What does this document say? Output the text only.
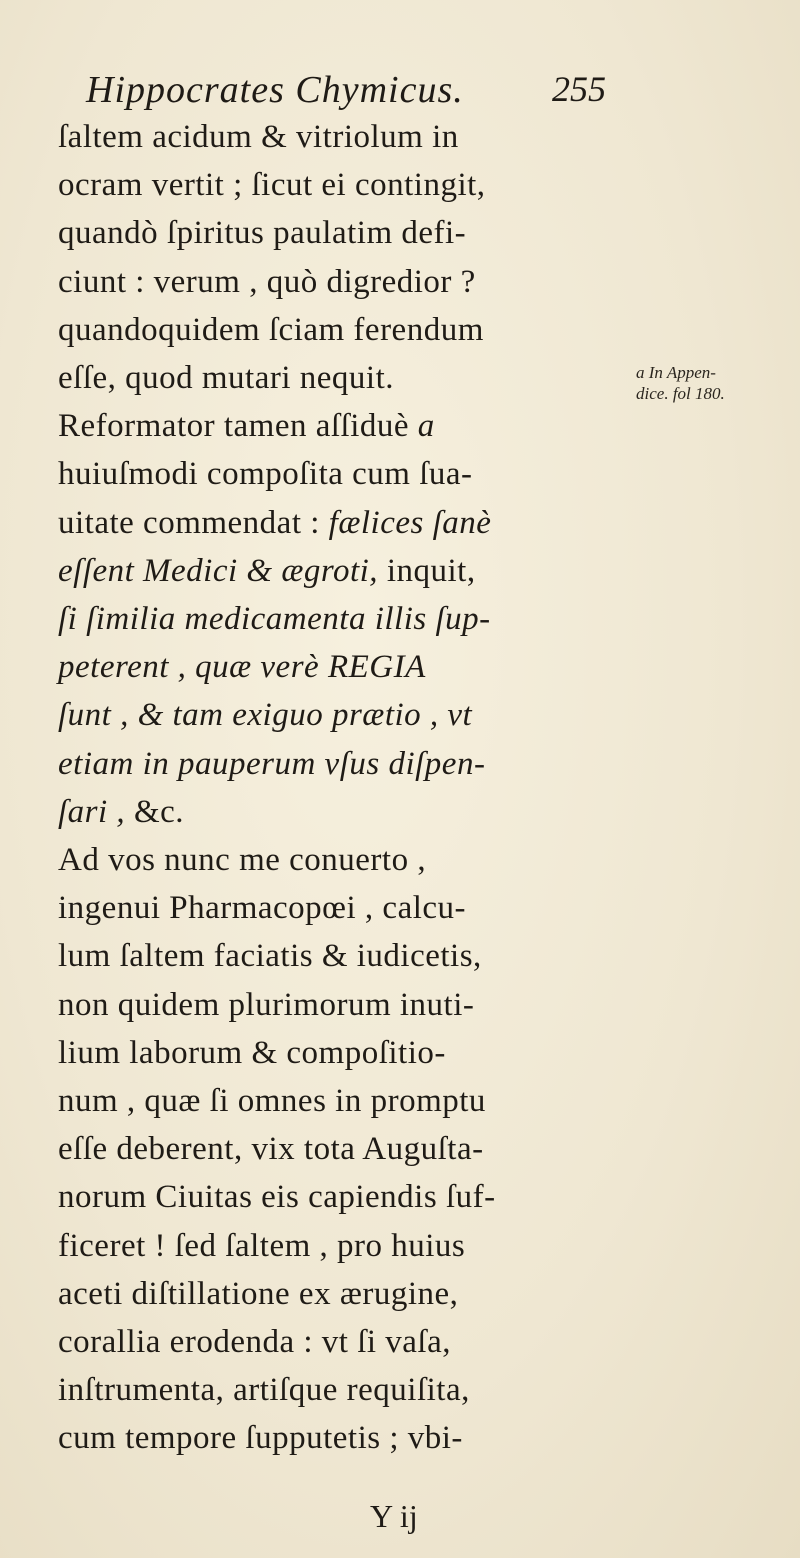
Hippocrates Chymicus. 255
ſaltem acidum & vitriolum in
ocram vertit ; ſicut ei contingit,
quandò ſpiritus paulatim defi-
ciunt : verum , quò digredior ?
quandoquidem ſciam ferendum
eſſe, quod mutari nequit.
Reformator tamen aſſiduè a
huiuſmodi compoſita cum ſua-
uitate commendat : fælices ſanè
eſſent Medici & ægroti, inquit,
ſi ſimilia medicamenta illis ſup-
peterent , quæ verè REGIA
ſunt , & tam exiguo prætio , vt
etiam in pauperum vſus diſpen-
ſari , &c.
Ad vos nunc me conuerto ,
ingenui Pharmacopœi , calcu-
lum ſaltem faciatis & iudicetis,
non quidem plurimorum inuti-
lium laborum & compoſitio-
num , quæ ſi omnes in promptu
eſſe deberent, vix tota Auguſta-
norum Ciuitas eis capiendis ſuf-
ficeret ! ſed ſaltem , pro huius
aceti diſtillatione ex ærugine,
corallia erodenda : vt ſi vaſa,
inſtrumenta, artiſque requiſita,
cum tempore ſupputetis ; vbi-
a In Appen-
dice. fol 180.
Y ij
